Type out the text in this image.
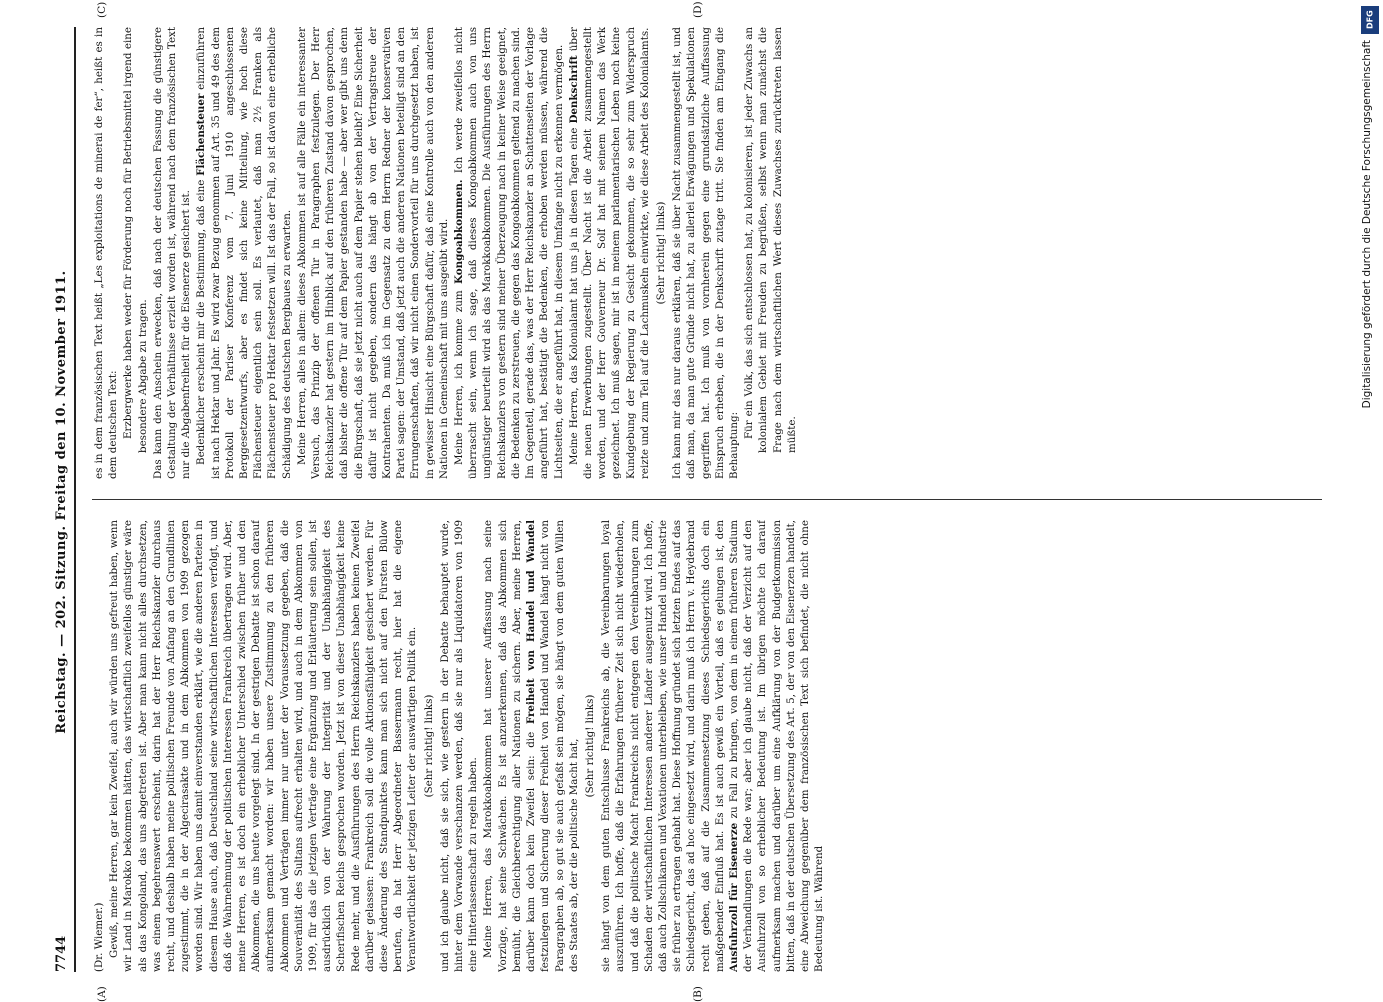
DFG
Digitalisierung gefördert durch die Deutsche Forschungsgemeinschaft
7744
Reichstag. — 202. Sitzung. Freitag den 10. November 1911.
(A)	(B)
(C)	(D)

(Dr. Wiemer.) Gewiß, meine Herren, gar kein Zweifel, auch wir würden uns gefreut haben, wenn wir Land in Marokko bekommen hätten, das wirtschaftlich zweifellos günstiger wäre als das Kongoland, das uns abgetreten ist. Aber man kann nicht alles durchsetzen, was einem begehrenswert erscheint, darin hat der Herr Reichskanzler durchaus recht, und deshalb haben meine politischen Freunde von Anfang an den Grundlinien zugestimmt, die in der Algecirasakte und in dem Abkommen von 1909 gezogen worden sind. Wir haben uns damit einverstanden erklärt, wie die anderen Parteien in diesem Hause auch, daß Deutschland seine wirtschaftlichen Interessen verfolgt, und daß die Wahrnehmung der politischen Interessen Frankreich übertragen wird. Aber, meine Herren, es ist doch ein erheblicher Unterschied zwischen früher und den Abkommen, die uns heute vorgelegt sind. In der gestrigen Debatte ist schon darauf aufmerksam gemacht worden: wir haben unsere Zustimmung zu den früheren Abkommen und Verträgen immer nur unter der Voraussetzung gegeben, daß die Souveränität des Sultans aufrecht erhalten wird, und auch in dem Abkommen von 1909, für das die jetzigen Verträge eine Ergänzung und Erläuterung sein sollen, ist ausdrücklich von der Wahrung der Integrität und der Unabhängigkeit des Scherifischen Reichs gesprochen worden. Jetzt ist von dieser Unabhängigkeit keine Rede mehr, und die Ausführungen des Herrn Reichskanzlers haben keinen Zweifel darüber gelassen: Frankreich soll die volle Aktionsfähigkeit gesichert werden. Für diese Änderung des Standpunktes kann man sich nicht auf den Fürsten Bülow berufen, da hat Herr Abgeordneter Bassermann recht, hier hat die eigene Verantwortlichkeit der jetzigen Leiter der auswärtigen Politik ein. (Sehr richtig! links) und ich glaube nicht, daß sie sich, wie gestern in der Debatte behauptet wurde, hinter dem Vorwande verschanzen werden, daß sie nur als Liquidatoren von 1909 eine Hinterlassenschaft zu regeln haben. Meine Herren, das Marokkoabkommen hat unserer Auffassung nach seine Vorzüge, hat seine Schwächen. Es ist anzuerkennen, daß das Abkommen sich bemüht, die Gleichberechtigung aller Nationen zu sichern. Aber, meine Herren, darüber kann doch kein Zweifel sein: die Freiheit von Handel und Wandel festzulegen und Sicherung dieser Freiheit von Handel und Wandel hängt nicht von Paragraphen ab, so gut sie auch gefaßt sein mögen, sie hängt von dem guten Willen des Staates ab, der die politische Macht hat, (Sehr richtig! links) sie hängt von dem guten Entschlusse Frankreichs ab, die Vereinbarungen loyal auszuführen. Ich hoffe, daß die Erfahrungen früherer Zeit sich nicht wiederholen, und daß die politische Macht Frankreichs nicht entgegen den Vereinbarungen zum Schaden der wirtschaftlichen Interessen anderer Länder ausgenutzt wird. Ich hoffe, daß auch Zollschikanen und Vexationen unterbleiben, wie unser Handel und Industrie sie früher zu ertragen gehabt hat. Diese Hoffnung gründet sich letzten Endes auf das Schiedsgericht, das ad hoc eingesetzt wird, und darin muß ich Herrn v. Heydebrand recht geben, daß auf die Zusammensetzung dieses Schiedsgerichts doch ein maßgebender Einfluß hat. Es ist auch gewiß ein Vorteil, daß es gelungen ist, den Ausfuhrzoll für Eisenerze zu Fall zu bringen, von dem in einem früheren Stadium der Verhandlungen die Rede war; aber ich glaube nicht, daß der Verzicht auf den Ausfuhrzoll von so erheblicher Bedeutung ist. Im übrigen möchte ich darauf aufmerksam machen und darüber um eine Aufklärung von der Budgetkommission bitten, daß in der deutschen Übersetzung des Art. 5, der von den Eisenerzen handelt, eine Abweichung gegenüber dem französischen Text sich befindet, die nicht ohne Bedeutung ist. Während

es in dem französischen Text heißt „Les exploitations de minerai de fer“, heißt es in dem deutschen Text: Erzbergwerke haben weder für Förderung noch für Betriebsmittel irgend eine besondere Abgabe zu tragen. Das kann den Anschein erwecken, daß nach der deutschen Fassung die günstigere Gestaltung der Verhältnisse erzielt worden ist, während nach dem französischen Text nur die Abgabenfreiheit für die Eisenerze gesichert ist. Bedenklicher erscheint mir die Bestimmung, daß eine Flächensteuer einzuführen ist nach Hektar und Jahr. Es wird zwar Bezug genommen auf Art. 35 und 49 des dem Protokoll der Pariser Konferenz vom 7. Juni 1910 angeschlossenen Berggesetzentwurfs, aber es findet sich keine Mitteilung, wie hoch diese Flächensteuer eigentlich sein soll. Es verlautet, daß man 2½ Franken als Flächensteuer pro Hektar festsetzen will. Ist das der Fall, so ist davon eine erhebliche Schädigung des deutschen Bergbaues zu erwarten. Meine Herren, alles in allem: dieses Abkommen ist auf alle Fälle ein interessanter Versuch, das Prinzip der offenen Tür in Paragraphen festzulegen. Der Herr Reichskanzler hat gestern im Hinblick auf den früheren Zustand davon gesprochen, daß bisher die offene Tür auf dem Papier gestanden habe — aber wer gibt uns denn die Bürgschaft, daß sie jetzt nicht auch auf dem Papier stehen bleibt? Eine Sicherheit dafür ist nicht gegeben, sondern das hängt ab von der Vertragstreue der Kontrahenten. Da muß ich im Gegensatz zu dem Herrn Redner der konservativen Partei sagen: der Umstand, daß jetzt auch die anderen Nationen beteiligt sind an den Errungenschaften, daß wir nicht einen Sondervorteil für uns durchgesetzt haben, ist in gewisser Hinsicht eine Bürgschaft dafür, daß eine Kontrolle auch von den anderen Nationen in Gemeinschaft mit uns ausgeübt wird. Meine Herren, ich komme zum Kongoabkommen. Ich werde zweifellos nicht überrascht sein, wenn ich sage, daß dieses Kongoabkommen auch von uns ungünstiger beurteilt wird als das Marokkoabkommen. Die Ausführungen des Herrn Reichskanzlers von gestern sind meiner Überzeugung nach in keiner Weise geeignet, die Bedenken zu zerstreuen, die gegen das Kongoabkommen geltend zu machen sind. Im Gegenteil, gerade das, was der Herr Reichskanzler an Schattenseiten der Vorlage angeführt hat, bestätigt die Bedenken, die erhoben werden müssen, während die Lichtseiten, die er angeführt hat, in diesem Umfange nicht zu erkennen vermögen. Meine Herren, das Kolonialamt hat uns ja in diesen Tagen eine Denkschrift über die neuen Erwerbungen zugestellt. Über Nacht ist die Arbeit zusammengestellt worden, und der Herr Gouverneur Dr. Solf hat mit seinem Namen das Werk gezeichnet. Ich muß sagen, mir ist in meinem parlamentarischen Leben noch keine Kundgebung der Regierung zu Gesicht gekommen, die so sehr zum Widerspruch reizte und zum Teil auf die Lachmuskeln einwirkte, wie diese Arbeit des Kolonialamts. (Sehr richtig! links) Ich kann mir das nur daraus erklären, daß sie über Nacht zusammengestellt ist, und daß man, da man gute Gründe nicht hat, zu allerlei Erwägungen und Spekulationen gegriffen hat. Ich muß von vornherein gegen eine grundsätzliche Auffassung Einspruch erheben, die in der Denkschrift zutage tritt. Sie finden am Eingang die Behauptung:

Für ein Volk, das sich entschlossen hat, zu kolonisieren, ist jeder Zuwachs an kolonialem Gebiet mit Freuden zu begrüßen, selbst wenn man zunächst die Frage nach dem wirtschaftlichen Wert dieses Zuwachses zurücktreten lassen müßte.
